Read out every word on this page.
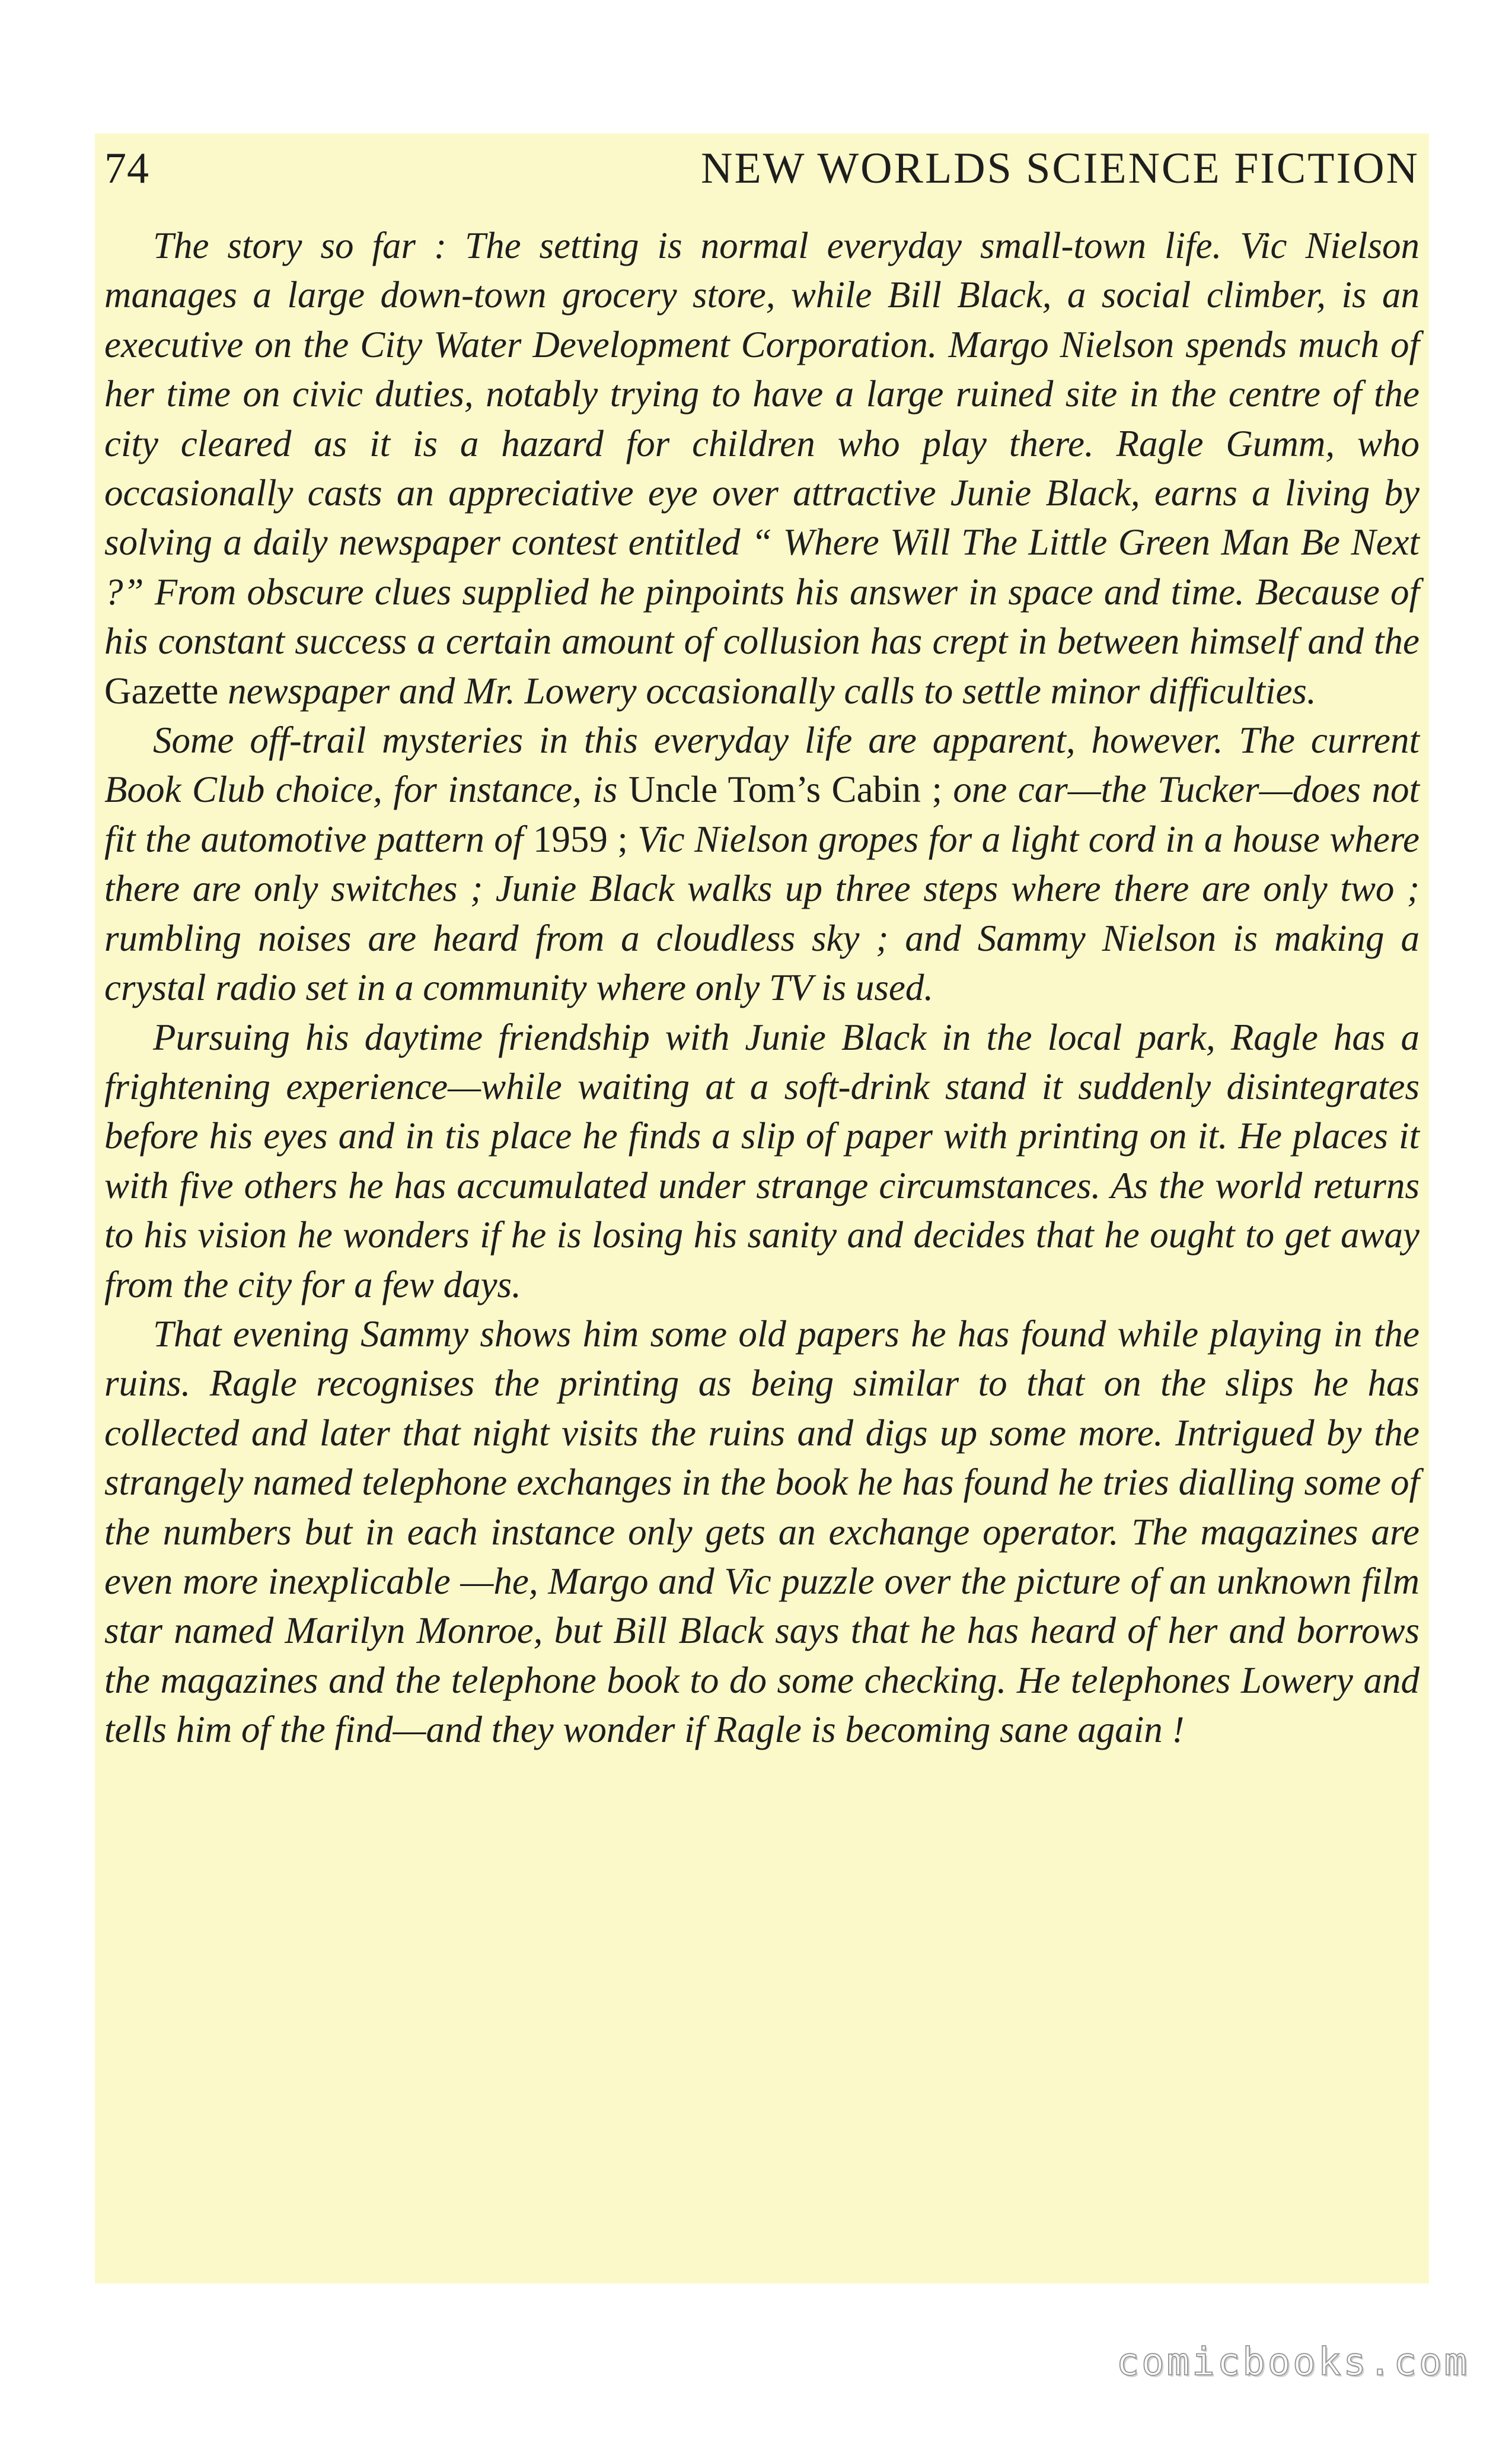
74	NEW WORLDS SCIENCE FICTION

The story so far : The setting is normal everyday small-town life. Vic Nielson manages a large down-town grocery store, while Bill Black, a social climber, is an executive on the City Water Development Corporation. Margo Nielson spends much of her time on civic duties, notably trying to have a large ruined site in the centre of the city cleared as it is a hazard for children who play there. Ragle Gumm, who occasionally casts an appreciative eye over attractive Junie Black, earns a living by solving a daily newspaper contest entitled “ Where Will The Little Green Man Be Next ?” From obscure clues supplied he pinpoints his answer in space and time. Because of his constant success a certain amount of collusion has crept in between himself and the Gazette newspaper and Mr. Lowery occasionally calls to settle minor difficulties.

Some off-trail mysteries in this everyday life are apparent, however. The current Book Club choice, for instance, is Uncle Tom’s Cabin ; one car—the Tucker—does not fit the automotive pattern of 1959 ; Vic Nielson gropes for a light cord in a house where there are only switches ; Junie Black walks up three steps where there are only two ; rumbling noises are heard from a cloudless sky ; and Sammy Nielson is making a crystal radio set in a community where only TV is used.

Pursuing his daytime friendship with Junie Black in the local park, Ragle has a frightening experience—while waiting at a soft-drink stand it suddenly disintegrates before his eyes and in tis place he finds a slip of paper with printing on it. He places it with five others he has accumulated under strange circumstances. As the world returns to his vision he wonders if he is losing his sanity and decides that he ought to get away from the city for a few days.

That evening Sammy shows him some old papers he has found while playing in the ruins. Ragle recognises the printing as being similar to that on the slips he has collected and later that night visits the ruins and digs up some more. Intrigued by the strangely named telephone exchanges in the book he has found he tries dialling some of the numbers but in each instance only gets an exchange operator. The magazines are even more inexplicable —he, Margo and Vic puzzle over the picture of an unknown film star named Marilyn Monroe, but Bill Black says that he has heard of her and borrows the magazines and the telephone book to do some checking. He telephones Lowery and tells him of the find—and they wonder if Ragle is becoming sane again !

comicbooks.com
